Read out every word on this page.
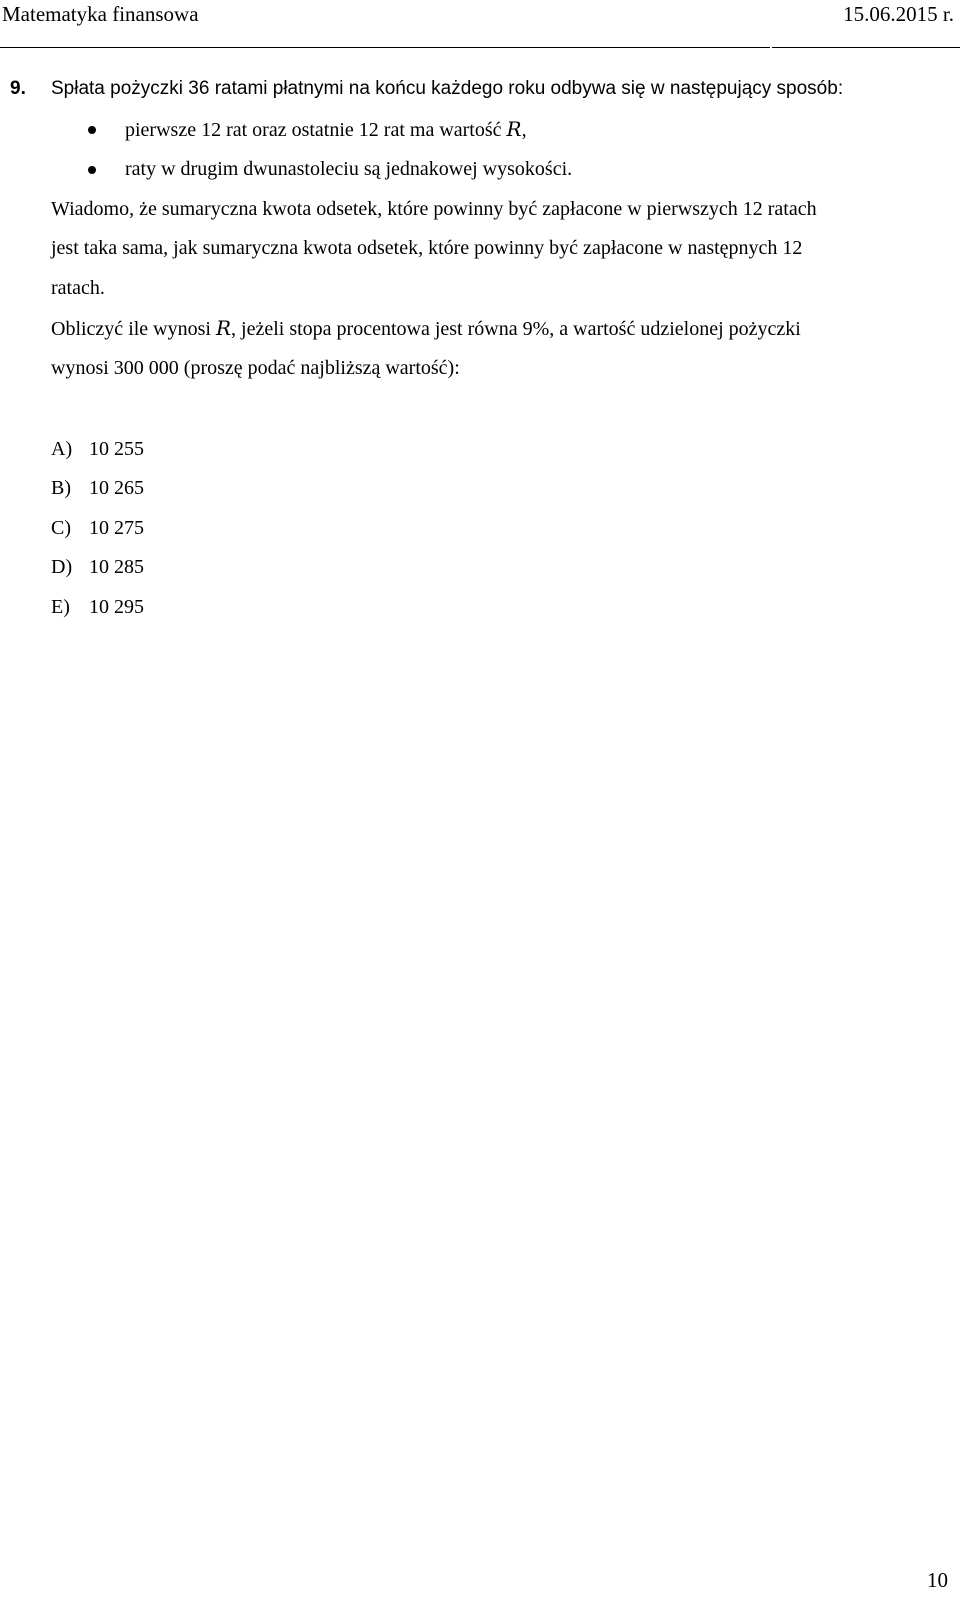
Matematyka finansowa	15.06.2015 r.
9. Spłata pożyczki 36 ratami płatnymi na końcu każdego roku odbywa się w następujący sposób:
pierwsze 12 rat oraz ostatnie 12 rat ma wartość R,
raty w drugim dwunastoleciu są jednakowej wysokości.
Wiadomo, że sumaryczna kwota odsetek, które powinny być zapłacone w pierwszych 12 ratach
jest taka sama, jak sumaryczna kwota odsetek, które powinny być zapłacone w następnych 12
ratach.
Obliczyć ile wynosi R, jeżeli stopa procentowa jest równa 9%, a wartość udzielonej pożyczki
wynosi 300 000 (proszę podać najbliższą wartość):
A) 10 255
B) 10 265
C) 10 275
D) 10 285
E) 10 295
10
